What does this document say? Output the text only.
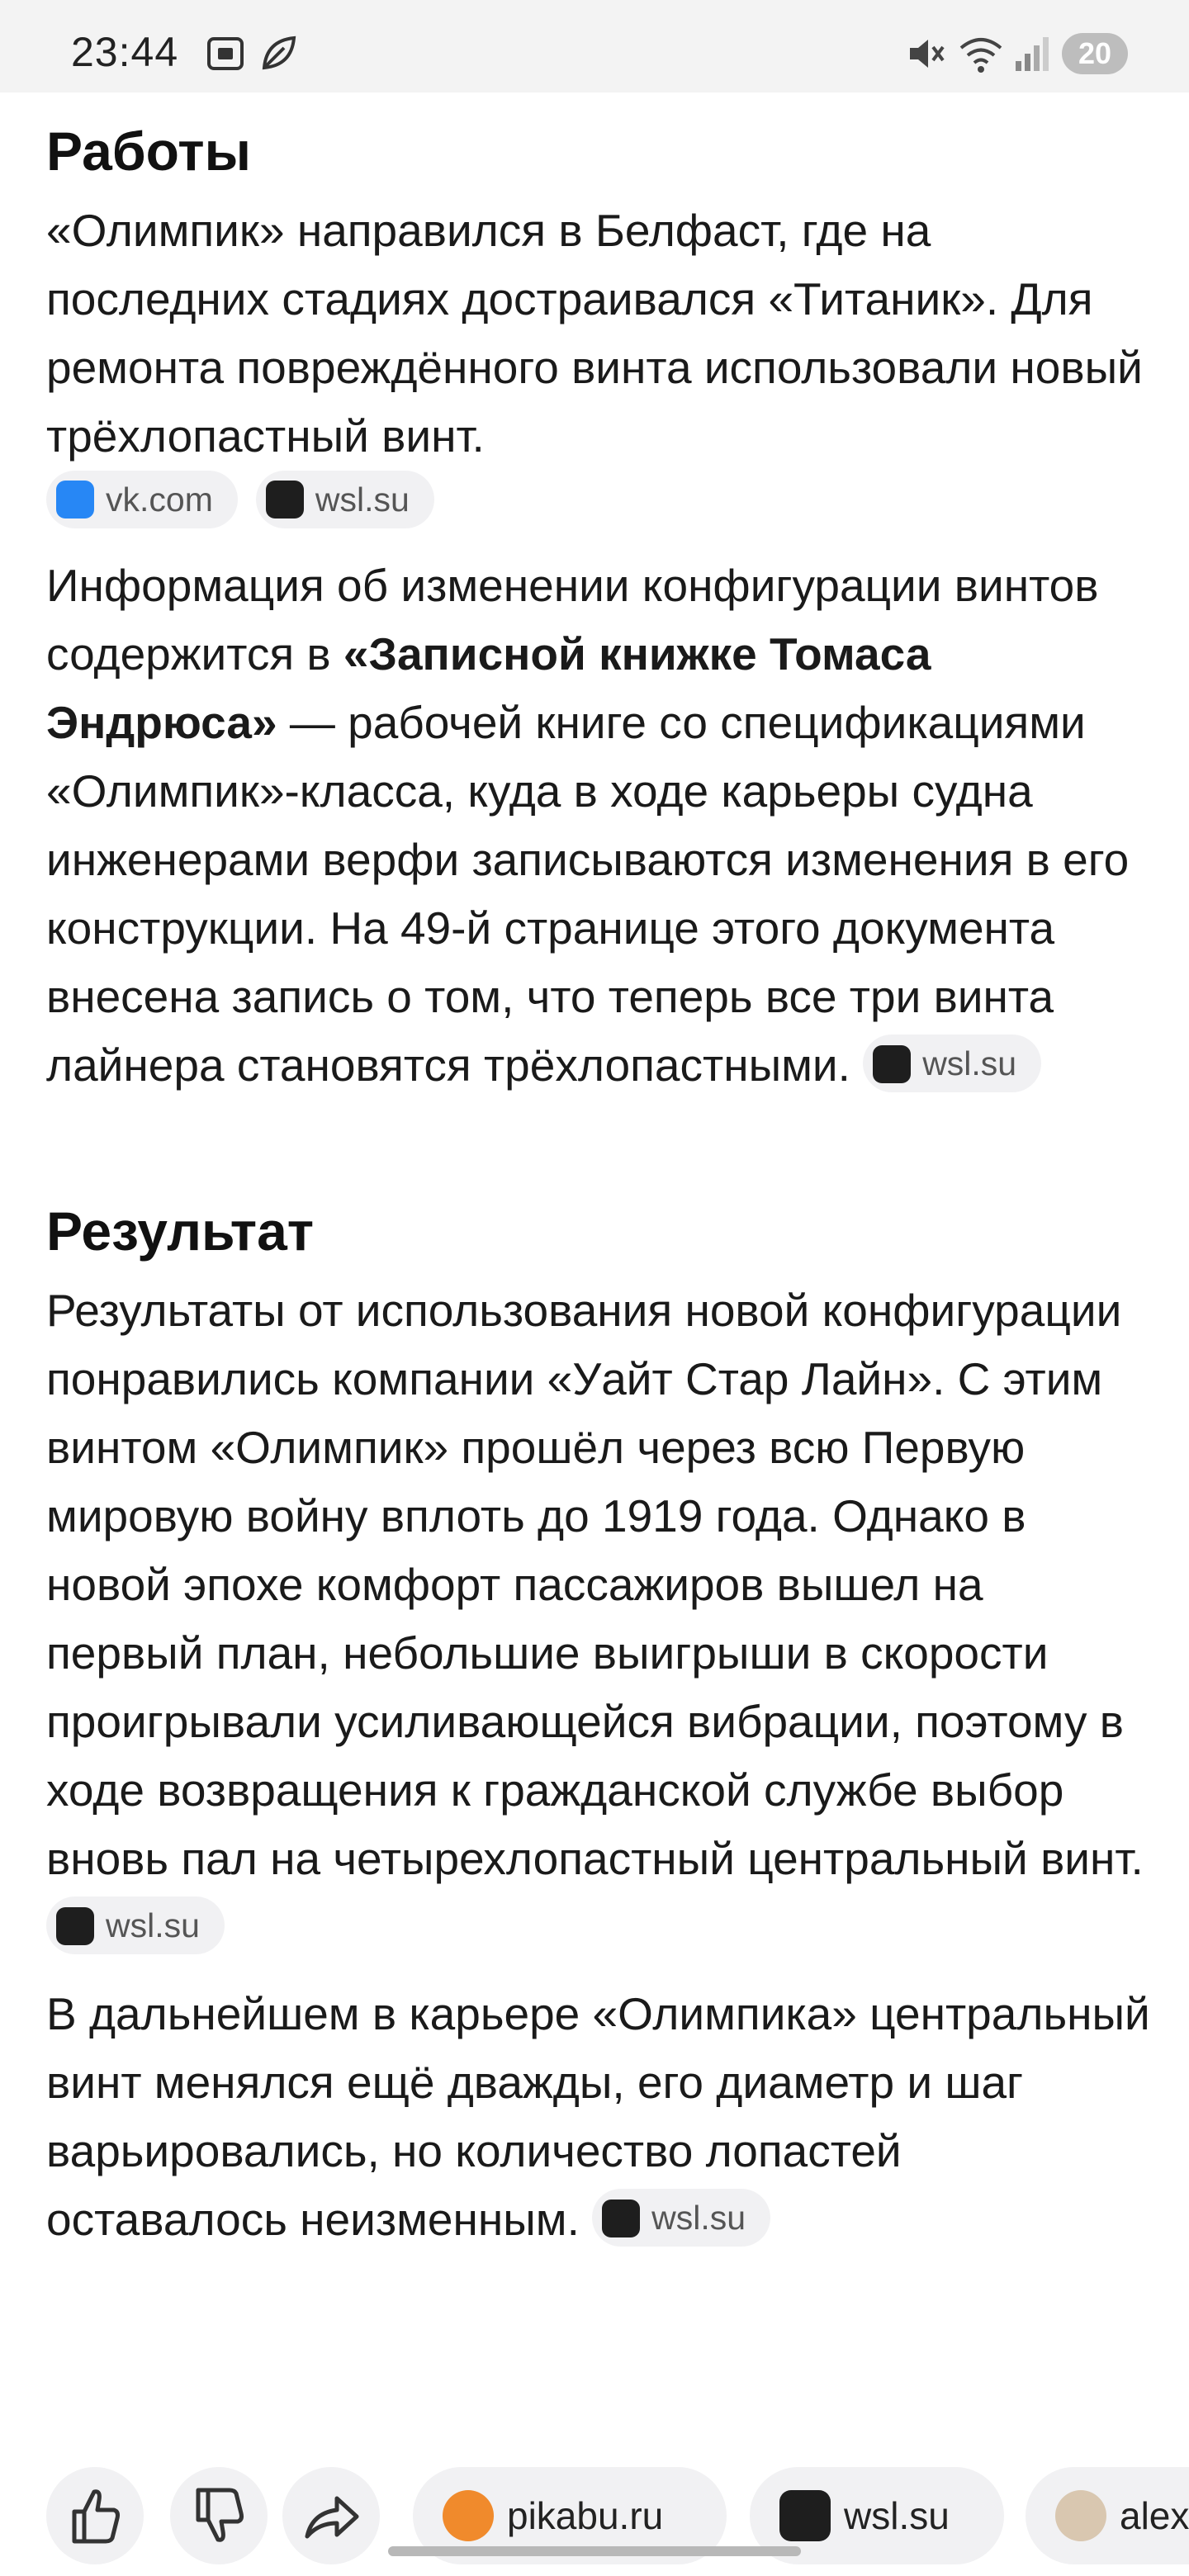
23:44	20
Работы

«Олимпик» направился в Белфаст, где на последних стадиях достраивался «Титаник». Для ремонта повреждённого винта использовали новый трёхлопастный винт.

vk.com	wsl.su

Информация об изменении конфигурации винтов содержится в «Записной книжке Томаса Эндрюса» — рабочей книге со спецификациями «Олимпик»-класса, куда в ходе карьеры судна инженерами верфи записываются изменения в его конструкции. На 49-й странице этого документа внесена запись о том, что теперь все три винта лайнера становятся трёхлопастными. wsl.su

Результат

Результаты от использования новой конфигурации понравились компании «Уайт Стар Лайн». С этим винтом «Олимпик» прошёл через всю Первую мировую войну вплоть до 1919 года. Однако в новой эпохе комфорт пассажиров вышел на первый план, небольшие выигрыши в скорости проигрывали усиливающейся вибрации, поэтому в ходе возвращения к гражданской службе выбор вновь пал на четырехлопастный центральный винт. wsl.su

В дальнейшем в карьере «Олимпика» центральный винт менялся ещё дважды, его диаметр и шаг варьировались, но количество лопастей оставалось неизменным. wsl.su

pikabu.ru	wsl.su	alex
